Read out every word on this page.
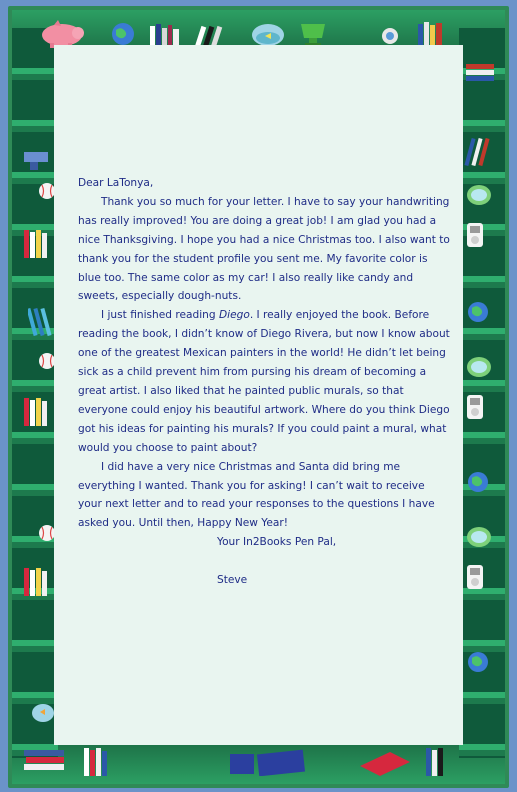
Dear LaTonya,

Thank you so much for your letter. I have to say your handwriting has really improved! You are doing a great job! I am glad you had a nice Thanksgiving. I hope you had a nice Christmas too. I also want to thank you for the student profile you sent me. My favorite color is blue too. The same color as my car! I also really like candy and sweets, especially dough-nuts.

I just finished reading Diego. I really enjoyed the book. Before reading the book, I didn’t know of Diego Rivera, but now I know about one of the greatest Mexican painters in the world! He didn’t let being sick as a child prevent him from pursing his dream of becoming a great artist. I also liked that he painted public murals, so that everyone could enjoy his beautiful artwork. Where do you think Diego got his ideas for painting his murals? If you could paint a mural, what would you choose to paint about?

I did have a very nice Christmas and Santa did bring me everything I wanted. Thank you for asking! I can’t wait to receive your next letter and to read your responses to the questions I have asked you. Until then, Happy New Year!

Your In2Books Pen Pal,

Steve
